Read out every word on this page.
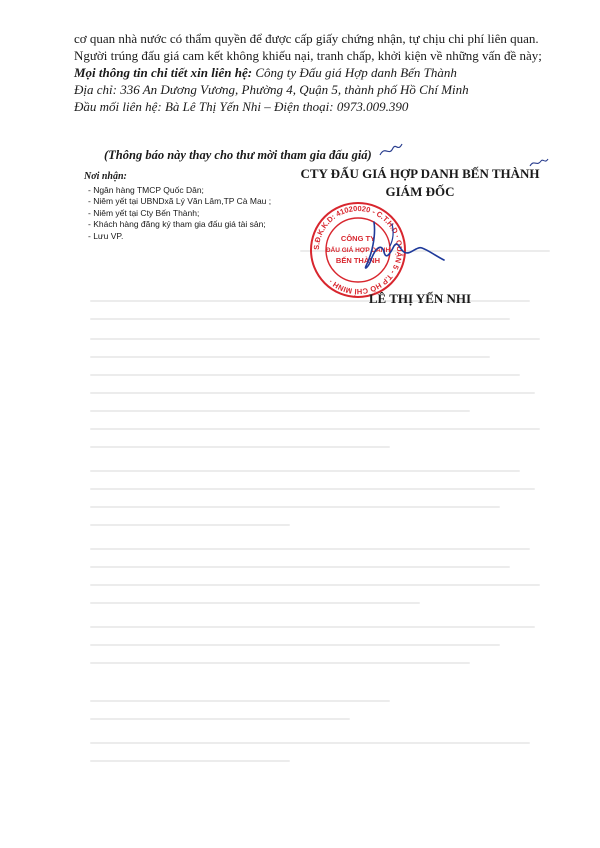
cơ quan nhà nước có thẩm quyền để được cấp giấy chứng nhận, tự chịu chi phí liên quan.
Người trúng đấu giá cam kết không khiếu nại, tranh chấp, khởi kiện về những vấn đề này;
Mọi thông tin chi tiết xin liên hệ: Công ty Đấu giá Hợp danh Bến Thành
Địa chỉ: 336 An Dương Vương, Phường 4, Quận 5, thành phố Hồ Chí Minh
Đầu mối liên hệ: Bà Lê Thị Yến Nhi – Điện thoại: 0973.009.390
(Thông báo này thay cho thư mời tham gia đấu giá)
Nơi nhận:
- Ngân hàng TMCP Quốc Dân;
- Niêm yết tại UBNDxã Lý Văn Lâm,TP Cà Mau ;
- Niêm yết tại Cty Bến Thành;
- Khách hàng đăng ký tham gia đấu giá tài sản;
- Lưu VP.
CTY ĐẤU GIÁ HỢP DANH BẾN THÀNH
GIÁM ĐỐC
S.Đ.K.K.D: 41020020 - C.T.H.D · QUẬN 5 - T.P HỒ CHÍ MINH ·
CÔNG TY
ĐẤU GIÁ HỢP DANH
BẾN THÀNH
LÊ THỊ YẾN NHI
